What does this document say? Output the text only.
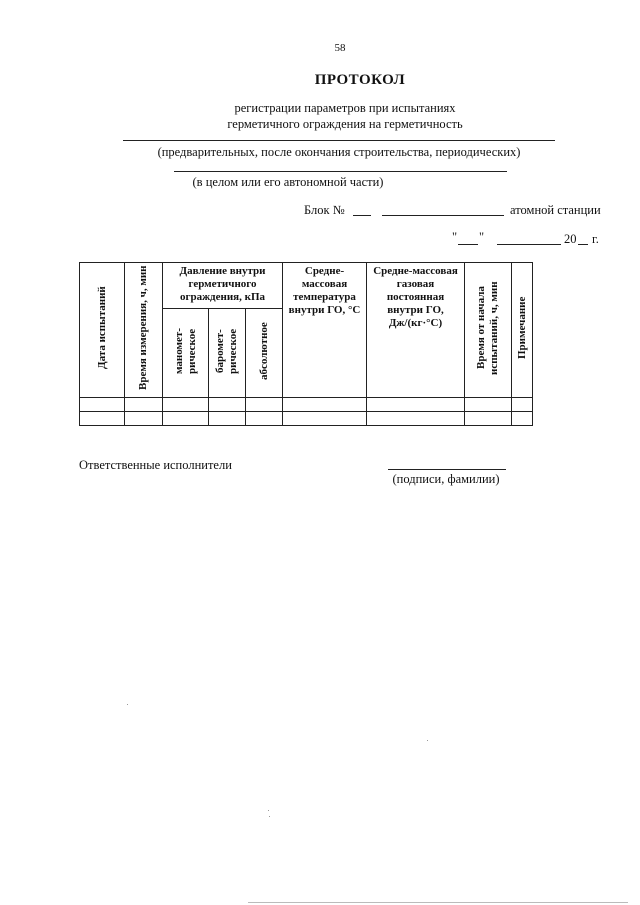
58
ПРОТОКОЛ
регистрации параметров при испытаниях
герметичного ограждения на герметичность
(предварительных, после окончания строительства, периодических)
(в целом или его автономной части)
Блок №	атомной станции
" "	20 г.
Дата испытаний	Время измерения, ч, мин	Давление внутри герметичного ограждения, кПа			Средне-массовая температура внутри ГО, °С	Средне-массовая газовая постоянная внутри ГО, Дж/(кг·°С)	Время от начала испытаний, ч, мин	Примечание
		маномет-рическое	баромет-рическое	абсолютное				

Ответственные исполнители
(подписи, фамилии)
